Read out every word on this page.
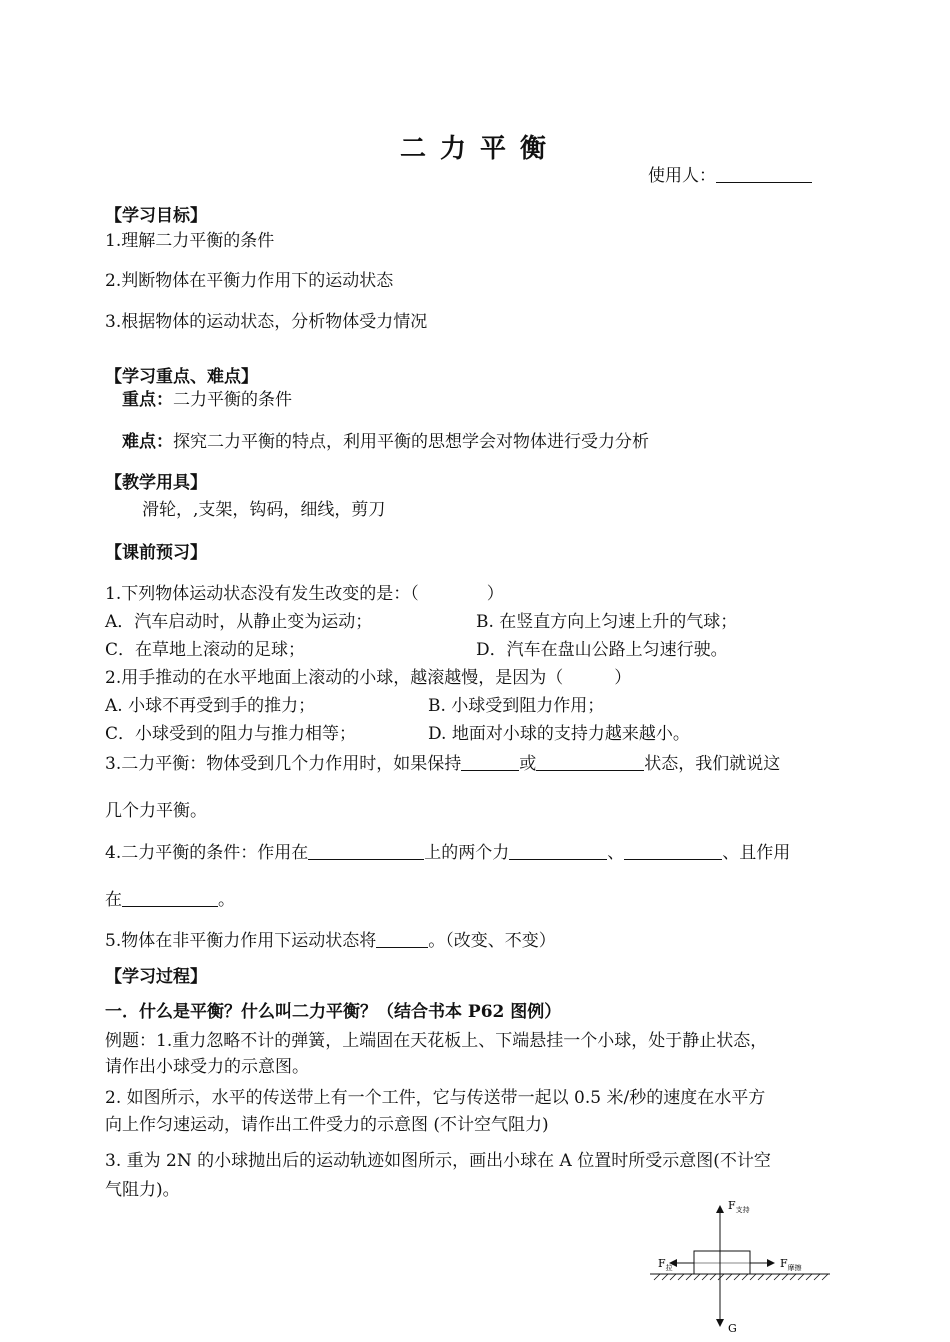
二力平衡
使用人：
【学习目标】
1.理解二力平衡的条件
2.判断物体在平衡力作用下的运动状态
3.根据物体的运动状态，分析物体受力情况
【学习重点、难点】
重点：二力平衡的条件
难点：探究二力平衡的特点，利用平衡的思想学会对物体进行受力分析
【教学用具】
滑轮，,支架，钩码，细线，剪刀
【课前预习】
1.下列物体运动状态没有发生改变的是：（　　　　）
A．汽车启动时，从静止变为运动；	B. 在竖直方向上匀速上升的气球；
C．在草地上滚动的足球；	D．汽车在盘山公路上匀速行驶。
2.用手推动的在水平地面上滚动的小球，越滚越慢，是因为（　　　）
A. 小球不再受到手的推力；	B. 小球受到阻力作用；
C．小球受到的阻力与推力相等；	D. 地面对小球的支持力越来越小。
3.二力平衡：物体受到几个力作用时，如果保持	或	状态，我们就说这
几个力平衡。
4.二力平衡的条件：作用在	上的两个力	、	、且作用
在	。
5.物体在非平衡力作用下运动状态将	。（改变、不变）
【学习过程】
一．什么是平衡？什么叫二力平衡？（结合书本 P62 图例）
例题：1.重力忽略不计的弹簧，上端固在天花板上、下端悬挂一个小球，处于静止状态，
请作出小球受力的示意图。
2. 如图所示，水平的传送带上有一个工件，它与传送带一起以 0.5 米/秒的速度在水平方
向上作匀速运动，请作出工件受力的示意图 (不计空气阻力)
3. 重为 2N 的小球抛出后的运动轨迹如图所示，画出小球在 A 位置时所受示意图(不计空
气阻力)。
$F_{支持}$
$F_拉$	$F_{摩擦}$
G
